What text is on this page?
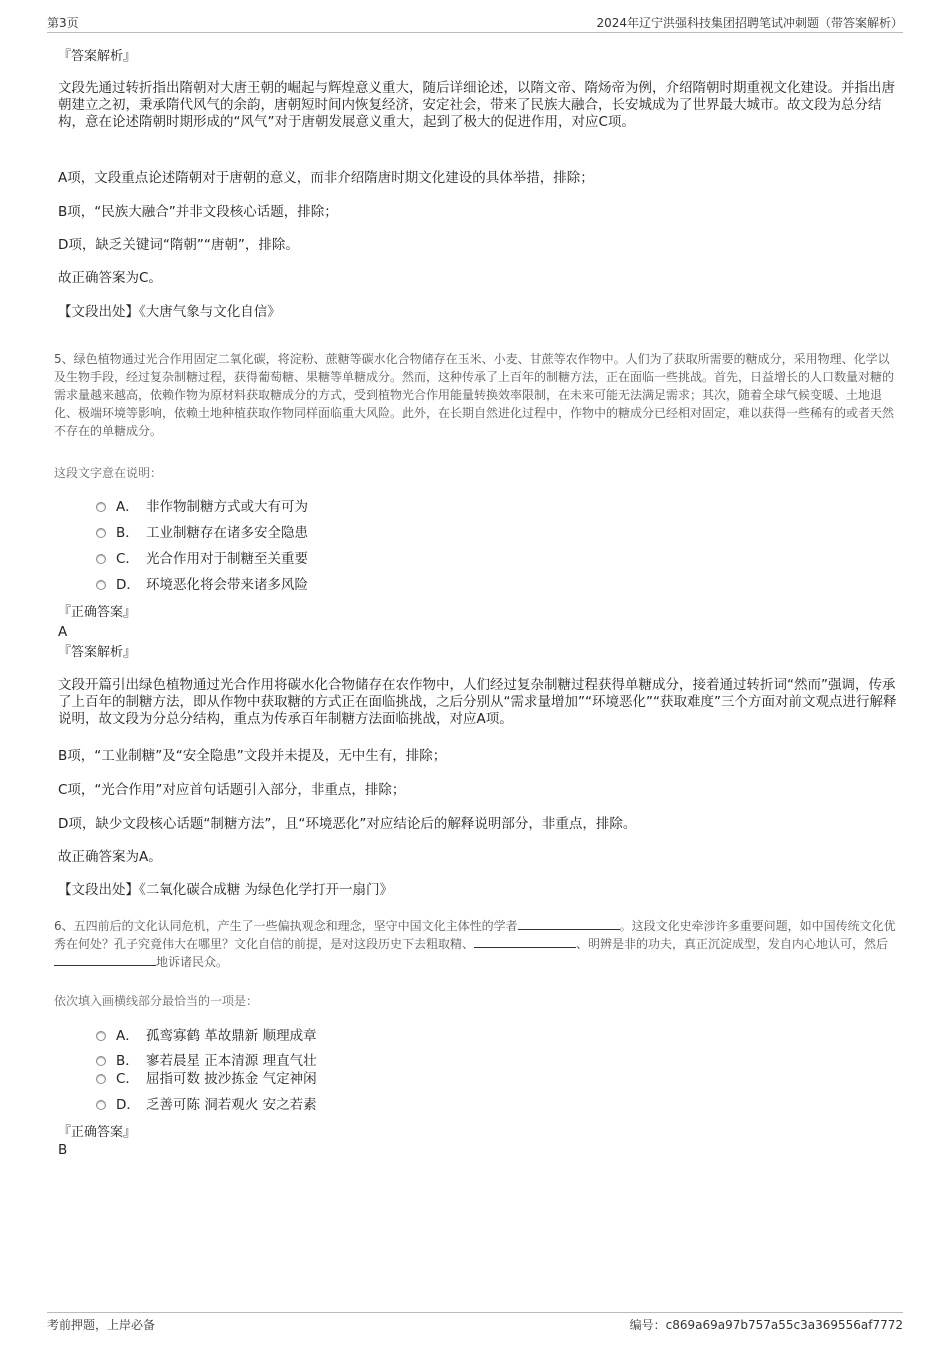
第3页	2024年辽宁洪强科技集团招聘笔试冲刺题（带答案解析）
『答案解析』
文段先通过转折指出隋朝对大唐王朝的崛起与辉煌意义重大，随后详细论述，以隋文帝、隋炀帝为例，介绍隋朝时期重视文化建设。并指出唐朝建立之初，秉承隋代风气的余韵，唐朝短时间内恢复经济，安定社会，带来了民族大融合，长安城成为了世界最大城市。故文段为总分结构，意在论述隋朝时期形成的“风气”对于唐朝发展意义重大，起到了极大的促进作用，对应C项。
A项，文段重点论述隋朝对于唐朝的意义，而非介绍隋唐时期文化建设的具体举措，排除；
B项，“民族大融合”并非文段核心话题，排除；
D项，缺乏关键词“隋朝”“唐朝”，排除。
故正确答案为C。
【文段出处】《大唐气象与文化自信》
5、绿色植物通过光合作用固定二氧化碳，将淀粉、蔗糖等碳水化合物储存在玉米、小麦、甘蔗等农作物中。人们为了获取所需要的糖成分，采用物理、化学以及生物手段，经过复杂制糖过程，获得葡萄糖、果糖等单糖成分。然而，这种传承了上百年的制糖方法，正在面临一些挑战。首先，日益增长的人口数量对糖的需求量越来越高，依赖作物为原材料获取糖成分的方式，受到植物光合作用能量转换效率限制，在未来可能无法满足需求；其次，随着全球气候变暖、土地退化、极端环境等影响，依赖土地种植获取作物同样面临重大风险。此外，在长期自然进化过程中，作物中的糖成分已经相对固定，难以获得一些稀有的或者天然不存在的单糖成分。
这段文字意在说明：
A． 非作物制糖方式或大有可为
B． 工业制糖存在诸多安全隐患
C． 光合作用对于制糖至关重要
D． 环境恶化将会带来诸多风险
『正确答案』
A
『答案解析』
文段开篇引出绿色植物通过光合作用将碳水化合物储存在农作物中，人们经过复杂制糖过程获得单糖成分，接着通过转折词“然而”强调，传承了上百年的制糖方法，即从作物中获取糖的方式正在面临挑战，之后分别从“需求量增加”“环境恶化”“获取难度”三个方面对前文观点进行解释说明，故文段为分总分结构，重点为传承百年制糖方法面临挑战，对应A项。
B项，“工业制糖”及“安全隐患”文段并未提及，无中生有，排除；
C项，“光合作用”对应首句话题引入部分，非重点，排除；
D项，缺少文段核心话题“制糖方法”，且“环境恶化”对应结论后的解释说明部分，非重点，排除。
故正确答案为A。
【文段出处】《二氧化碳合成糖 为绿色化学打开一扇门》
6、五四前后的文化认同危机，产生了一些偏执观念和理念，坚守中国文化主体性的学者	。这段文化史牵涉许多重要问题，如中国传统文化优秀在何处？孔子究竟伟大在哪里？文化自信的前提，是对这段历史下去粗取精、	、明辨是非的功夫，真正沉淀成型，发自内心地认可，然后地诉诸民众。
依次填入画横线部分最恰当的一项是：
A． 孤鸾寡鹤 革故鼎新 顺理成章
B． 寥若晨星 正本清源 理直气壮
C． 屈指可数 披沙拣金 气定神闲
D． 乏善可陈 洞若观火 安之若素
『正确答案』
B
考前押题，上岸必备	编号：c869a69a97b757a55c3a369556af7772
